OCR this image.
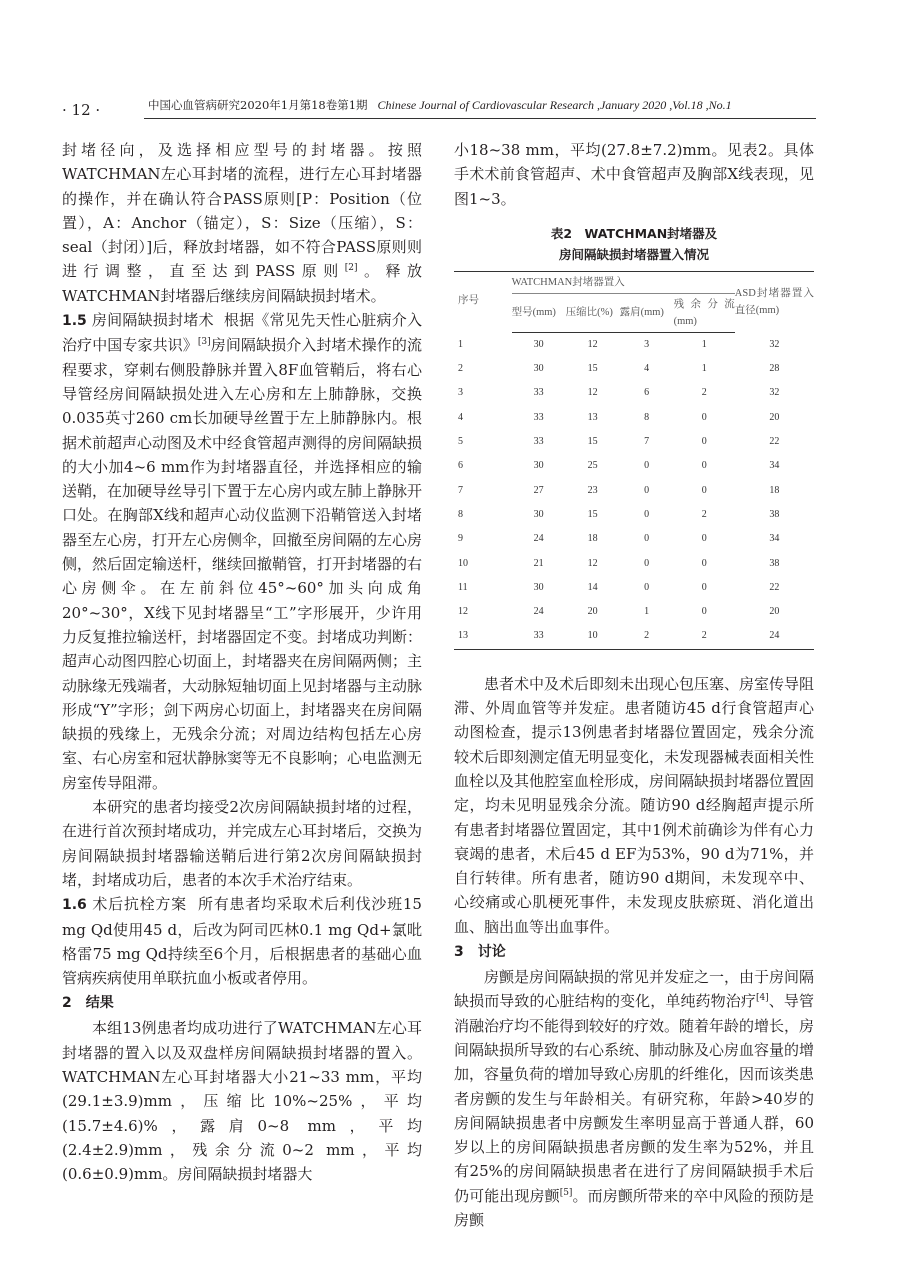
· 12 ·	中国心血管病研究2020年1月第18卷第1期 Chinese Journal of Cardiovascular Research ,January 2020 ,Vol.18 ,No.1

封堵径向，及选择相应型号的封堵器。按照WATCHMAN左心耳封堵的流程，进行左心耳封堵器的操作，并在确认符合PASS原则[P：Position（位置），A：Anchor（锚定），S：Size（压缩），S：seal（封闭）]后，释放封堵器，如不符合PASS原则则进行调整，直至达到PASS原则[2]。释放WATCHMAN封堵器后继续房间隔缺损封堵术。

1.5 房间隔缺损封堵术 根据《常见先天性心脏病介入治疗中国专家共识》[3]房间隔缺损介入封堵术操作的流程要求，穿刺右侧股静脉并置入8F血管鞘后，将右心导管经房间隔缺损处进入左心房和左上肺静脉，交换0.035英寸260 cm长加硬导丝置于左上肺静脉内。根据术前超声心动图及术中经食管超声测得的房间隔缺损的大小加4~6 mm作为封堵器直径，并选择相应的输送鞘，在加硬导丝导引下置于左心房内或左肺上静脉开口处。在胸部X线和超声心动仪监测下沿鞘管送入封堵器至左心房，打开左心房侧伞，回撤至房间隔的左心房侧，然后固定输送杆，继续回撤鞘管，打开封堵器的右心房侧伞。在左前斜位45°~60°加头向成角20°~30°，X线下见封堵器呈“工”字形展开，少许用力反复推拉输送杆，封堵器固定不变。封堵成功判断：超声心动图四腔心切面上，封堵器夹在房间隔两侧；主动脉缘无残端者，大动脉短轴切面上见封堵器与主动脉形成“Y”字形；剑下两房心切面上，封堵器夹在房间隔缺损的残缘上，无残余分流；对周边结构包括左心房室、右心房室和冠状静脉窦等无不良影响；心电监测无房室传导阻滞。

本研究的患者均接受2次房间隔缺损封堵的过程，在进行首次预封堵成功，并完成左心耳封堵后，交换为房间隔缺损封堵器输送鞘后进行第2次房间隔缺损封堵，封堵成功后，患者的本次手术治疗结束。

1.6 术后抗栓方案 所有患者均采取术后利伐沙班15 mg Qd使用45 d，后改为阿司匹林0.1 mg Qd+氯吡格雷75 mg Qd持续至6个月，后根据患者的基础心血管病疾病使用单联抗血小板或者停用。

2　结果

本组13例患者均成功进行了WATCHMAN左心耳封堵器的置入以及双盘样房间隔缺损封堵器的置入。WATCHMAN左心耳封堵器大小21~33 mm，平均(29.1±3.9)mm，压缩比10%~25%，平均(15.7±4.6)%，露肩0~8 mm，平均(2.4±2.9)mm，残余分流0~2 mm，平均(0.6±0.9)mm。房间隔缺损封堵器大

小18~38 mm，平均(27.8±7.2)mm。见表2。具体手术术前食管超声、术中食管超声及胸部X线表现，见图1~3。

表2　WATCHMAN封堵器及
房间隔缺损封堵器置入情况
序号	WATCHMAN封堵器置入				ASD封堵器置入直径(mm)
	型号(mm)	压缩比(%)	露肩(mm)	残余分流(mm)	
1	30	12	3	1	32
2	30	15	4	1	28
3	33	12	6	2	32
4	33	13	8	0	20
5	33	15	7	0	22
6	30	25	0	0	34
7	27	23	0	0	18
8	30	15	0	2	38
9	24	18	0	0	34
10	21	12	0	0	38
11	30	14	0	0	22
12	24	20	1	0	20
13	33	10	2	2	24

患者术中及术后即刻未出现心包压塞、房室传导阻滞、外周血管等并发症。患者随访45 d行食管超声心动图检查，提示13例患者封堵器位置固定，残余分流较术后即刻测定值无明显变化，未发现器械表面相关性血栓以及其他腔室血栓形成，房间隔缺损封堵器位置固定，均未见明显残余分流。随访90 d经胸超声提示所有患者封堵器位置固定，其中1例术前确诊为伴有心力衰竭的患者，术后45 d EF为53%，90 d为71%，并自行转律。所有患者，随访90 d期间，未发现卒中、心绞痛或心肌梗死事件，未发现皮肤瘀斑、消化道出血、脑出血等出血事件。

3　讨论

房颤是房间隔缺损的常见并发症之一，由于房间隔缺损而导致的心脏结构的变化，单纯药物治疗[4]、导管消融治疗均不能得到较好的疗效。随着年龄的增长，房间隔缺损所导致的右心系统、肺动脉及心房血容量的增加，容量负荷的增加导致心房肌的纤维化，因而该类患者房颤的发生与年龄相关。有研究称，年龄>40岁的房间隔缺损患者中房颤发生率明显高于普通人群，60岁以上的房间隔缺损患者房颤的发生率为52%，并且有25%的房间隔缺损患者在进行了房间隔缺损手术后仍可能出现房颤[5]。而房颤所带来的卒中风险的预防是房颤
